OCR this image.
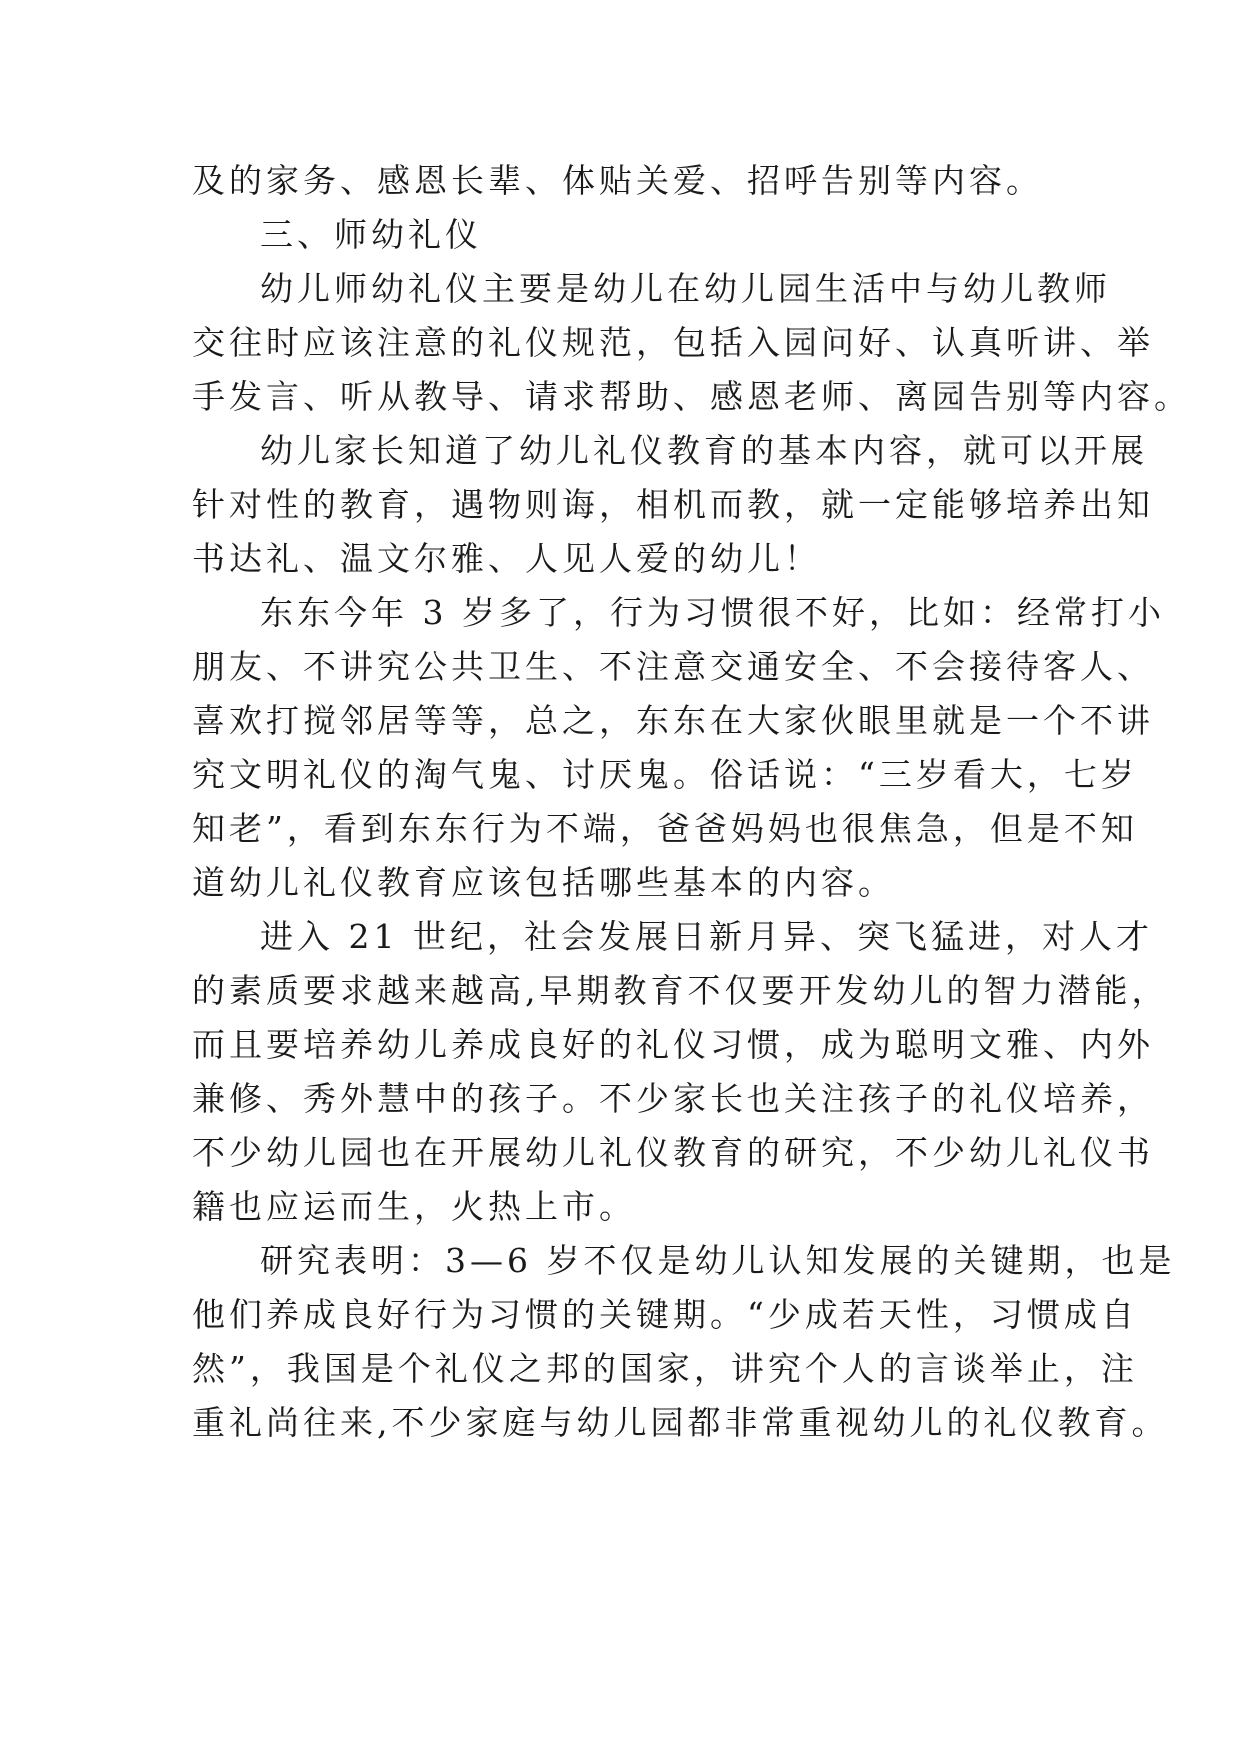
及的家务、感恩长辈、体贴关爱、招呼告别等内容。
三、师幼礼仪
幼儿师幼礼仪主要是幼儿在幼儿园生活中与幼儿教师
交往时应该注意的礼仪规范，包括入园问好、认真听讲、举
手发言、听从教导、请求帮助、感恩老师、离园告别等内容。
幼儿家长知道了幼儿礼仪教育的基本内容，就可以开展
针对性的教育，遇物则诲，相机而教，就一定能够培养出知
书达礼、温文尔雅、人见人爱的幼儿！
东东今年 3 岁多了，行为习惯很不好，比如：经常打小
朋友、不讲究公共卫生、不注意交通安全、不会接待客人、
喜欢打搅邻居等等，总之，东东在大家伙眼里就是一个不讲
究文明礼仪的淘气鬼、讨厌鬼。俗话说：“三岁看大，七岁
知老”，看到东东行为不端，爸爸妈妈也很焦急，但是不知
道幼儿礼仪教育应该包括哪些基本的内容。
进入 21 世纪，社会发展日新月异、突飞猛进，对人才
的素质要求越来越高,早期教育不仅要开发幼儿的智力潜能，
而且要培养幼儿养成良好的礼仪习惯，成为聪明文雅、内外
兼修、秀外慧中的孩子。不少家长也关注孩子的礼仪培养，
不少幼儿园也在开展幼儿礼仪教育的研究，不少幼儿礼仪书
籍也应运而生，火热上市。
研究表明：3—6 岁不仅是幼儿认知发展的关键期，也是
他们养成良好行为习惯的关键期。“少成若天性，习惯成自
然”，我国是个礼仪之邦的国家，讲究个人的言谈举止，注
重礼尚往来,不少家庭与幼儿园都非常重视幼儿的礼仪教育。
